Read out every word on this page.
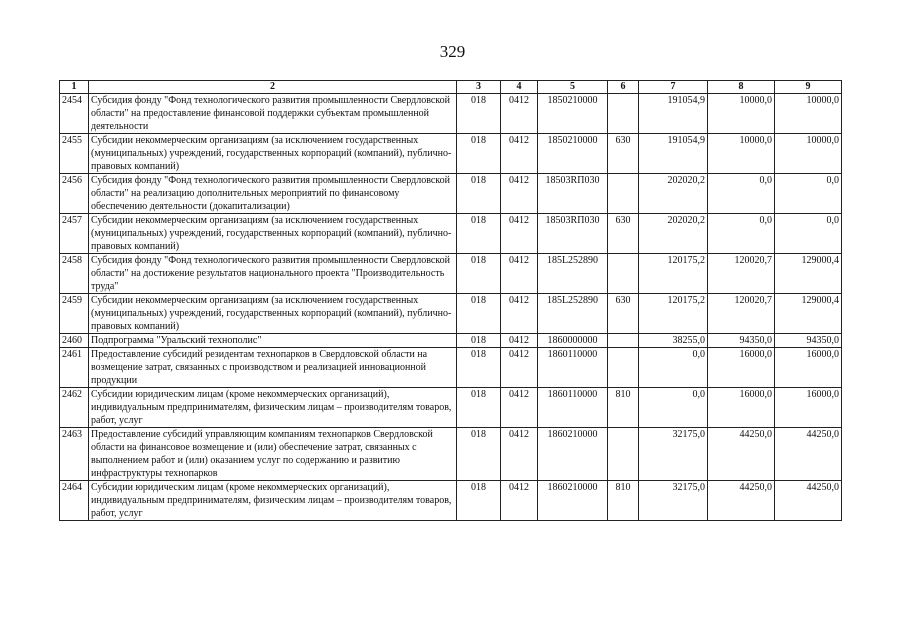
329
1	2	3	4	5	6	7	8	9
2454	Субсидия фонду "Фонд технологического развития промышленности Свердловской области" на предоставление финансовой поддержки субъектам промышленной деятельности	018	0412	1850210000		191054,9	10000,0	10000,0
2455	Субсидии некоммерческим организациям (за исключением государственных (муниципальных) учреждений, государственных корпораций (компаний), публично-правовых компаний)	018	0412	1850210000	630	191054,9	10000,0	10000,0
2456	Субсидия фонду "Фонд технологического развития промышленности Свердловской области" на реализацию дополнительных мероприятий по финансовому обеспечению деятельности (докапитализации)	018	0412	18503RП030		202020,2	0,0	0,0
2457	Субсидии некоммерческим организациям (за исключением государственных (муниципальных) учреждений, государственных корпораций (компаний), публично-правовых компаний)	018	0412	18503RП030	630	202020,2	0,0	0,0
2458	Субсидия фонду "Фонд технологического развития промышленности Свердловской области" на достижение результатов национального проекта "Производительность труда"	018	0412	185L252890		120175,2	120020,7	129000,4
2459	Субсидии некоммерческим организациям (за исключением государственных (муниципальных) учреждений, государственных корпораций (компаний), публично-правовых компаний)	018	0412	185L252890	630	120175,2	120020,7	129000,4
2460	Подпрограмма "Уральский технополис"	018	0412	1860000000		38255,0	94350,0	94350,0
2461	Предоставление субсидий резидентам технопарков в Свердловской области на возмещение затрат, связанных с производством и реализацией инновационной продукции	018	0412	1860110000		0,0	16000,0	16000,0
2462	Субсидии юридическим лицам (кроме некоммерческих организаций), индивидуальным предпринимателям, физическим лицам – производителям товаров, работ, услуг	018	0412	1860110000	810	0,0	16000,0	16000,0
2463	Предоставление субсидий управляющим компаниям технопарков Свердловской области на финансовое возмещение и (или) обеспечение затрат, связанных с выполнением работ и (или) оказанием услуг по содержанию и развитию инфраструктуры технопарков	018	0412	1860210000		32175,0	44250,0	44250,0
2464	Субсидии юридическим лицам (кроме некоммерческих организаций), индивидуальным предпринимателям, физическим лицам – производителям товаров, работ, услуг	018	0412	1860210000	810	32175,0	44250,0	44250,0
